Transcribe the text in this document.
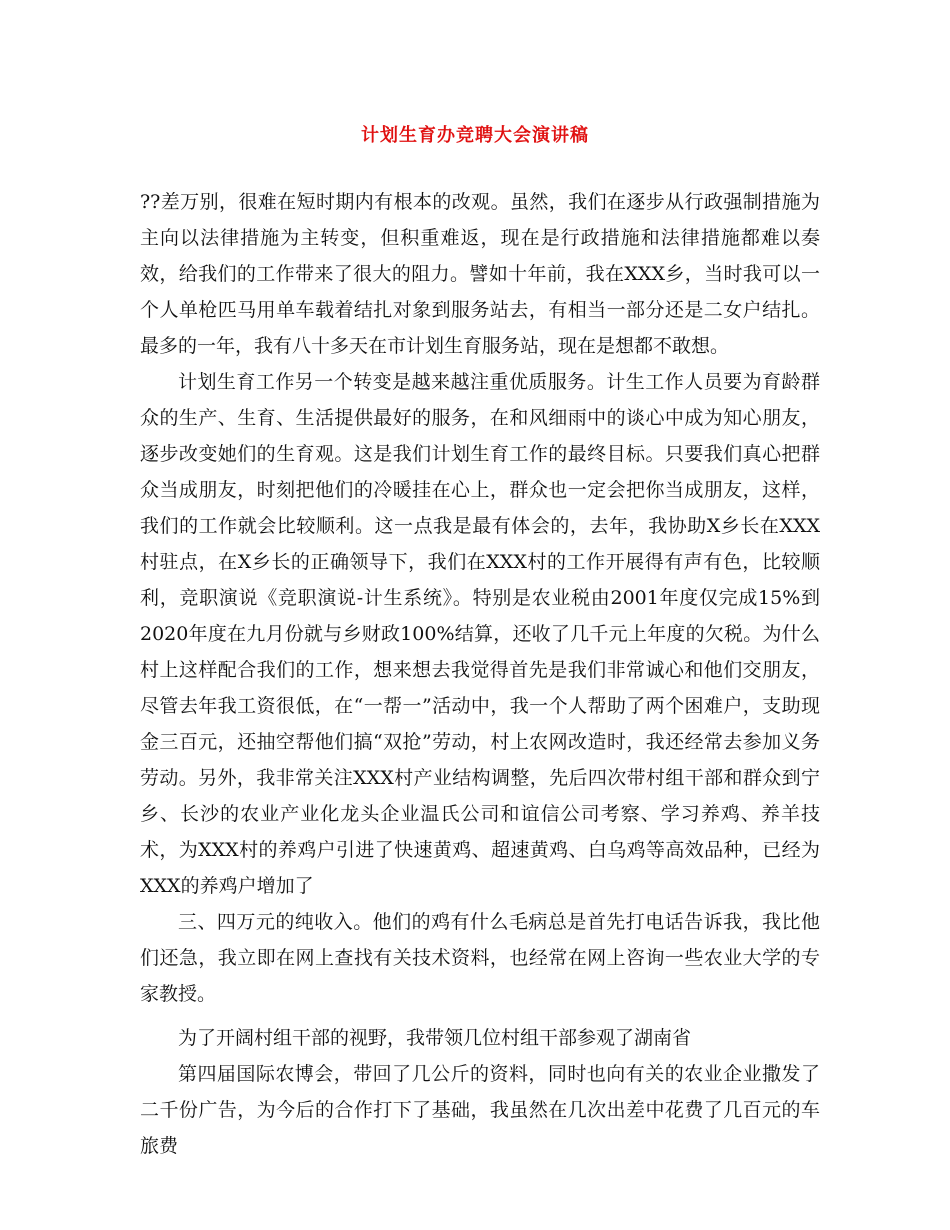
计划生育办竞聘大会演讲稿

??差万别，很难在短时期内有根本的改观。虽然，我们在逐步从行政强制措施为主向以法律措施为主转变，但积重难返，现在是行政措施和法律措施都难以奏效，给我们的工作带来了很大的阻力。譬如十年前，我在XXX乡，当时我可以一个人单枪匹马用单车载着结扎对象到服务站去，有相当一部分还是二女户结扎。最多的一年，我有八十多天在市计划生育服务站，现在是想都不敢想。

计划生育工作另一个转变是越来越注重优质服务。计生工作人员要为育龄群众的生产、生育、生活提供最好的服务，在和风细雨中的谈心中成为知心朋友，逐步改变她们的生育观。这是我们计划生育工作的最终目标。只要我们真心把群众当成朋友，时刻把他们的冷暖挂在心上，群众也一定会把你当成朋友，这样，我们的工作就会比较顺利。这一点我是最有体会的，去年，我协助X乡长在XXX村驻点，在X乡长的正确领导下，我们在XXX村的工作开展得有声有色，比较顺利，竞职演说《竞职演说-计生系统》。特别是农业税由2001年度仅完成15%到2020年度在九月份就与乡财政100%结算，还收了几千元上年度的欠税。为什么村上这样配合我们的工作，想来想去我觉得首先是我们非常诚心和他们交朋友，尽管去年我工资很低，在“一帮一”活动中，我一个人帮助了两个困难户，支助现金三百元，还抽空帮他们搞“双抢”劳动，村上农网改造时，我还经常去参加义务劳动。另外，我非常关注XXX村产业结构调整，先后四次带村组干部和群众到宁乡、长沙的农业产业化龙头企业温氏公司和谊信公司考察、学习养鸡、养羊技术，为XXX村的养鸡户引进了快速黄鸡、超速黄鸡、白乌鸡等高效品种，已经为XXX的养鸡户增加了

三、四万元的纯收入。他们的鸡有什么毛病总是首先打电话告诉我，我比他们还急，我立即在网上查找有关技术资料，也经常在网上咨询一些农业大学的专家教授。

为了开阔村组干部的视野，我带领几位村组干部参观了湖南省

第四届国际农博会，带回了几公斤的资料，同时也向有关的农业企业撒发了二千份广告，为今后的合作打下了基础，我虽然在几次出差中花费了几百元的车旅费
